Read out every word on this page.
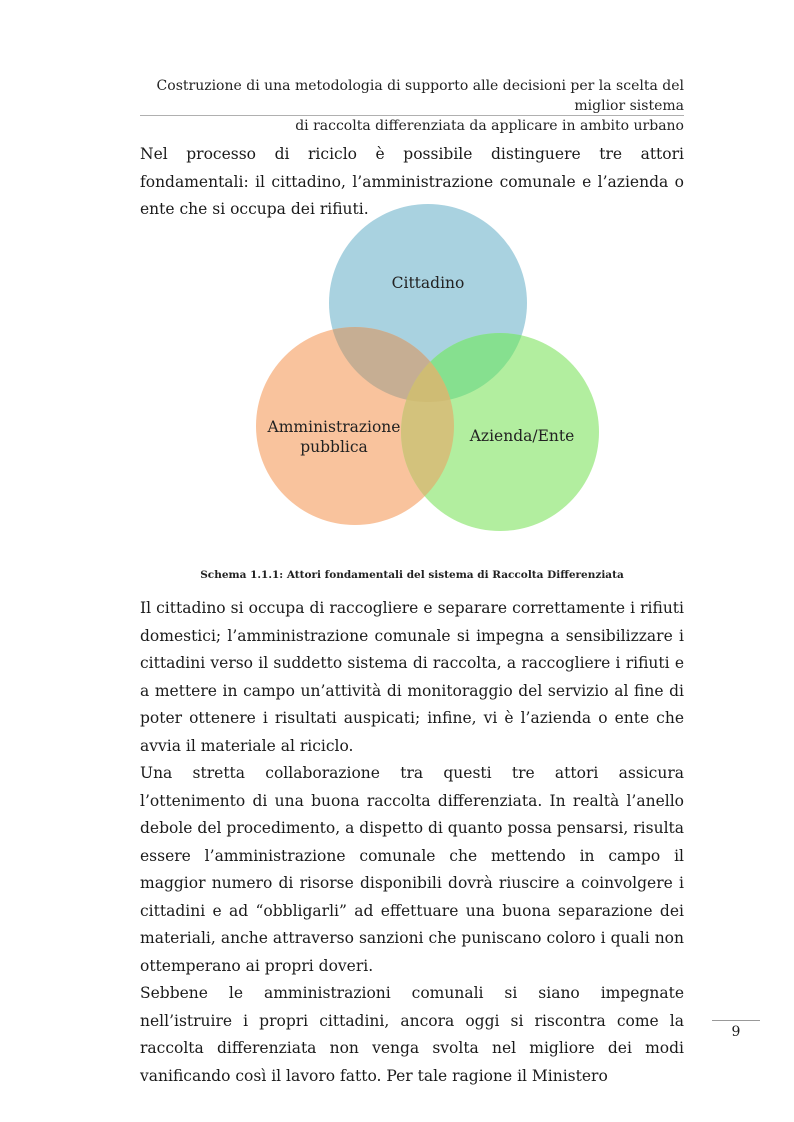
Costruzione di una metodologia di supporto alle decisioni per la scelta del miglior sistema
di raccolta differenziata da applicare in ambito urbano

Nel processo di riciclo è possibile distinguere tre attori fondamentali: il cittadino, l’amministrazione comunale e l’azienda o ente che si occupa dei rifiuti.

Cittadino
Amministrazione
pubblica
Azienda/Ente
Schema 1.1.1: Attori fondamentali del sistema di Raccolta Differenziata

Il cittadino si occupa di raccogliere e separare correttamente i rifiuti domestici; l’amministrazione comunale si impegna a sensibilizzare i cittadini verso il suddetto sistema di raccolta, a raccogliere i rifiuti e a mettere in campo un’attività di monitoraggio del servizio al fine di poter ottenere i risultati auspicati; infine, vi è l’azienda o ente che avvia il materiale al riciclo.

Una stretta collaborazione tra questi tre attori assicura l’ottenimento di una buona raccolta differenziata. In realtà l’anello debole del procedimento, a dispetto di quanto possa pensarsi, risulta essere l’amministrazione comunale che mettendo in campo il maggior numero di risorse disponibili dovrà riuscire a coinvolgere i cittadini e ad “obbligarli” ad effettuare una buona separazione dei materiali, anche attraverso sanzioni che puniscano coloro i quali non ottemperano ai propri doveri.

Sebbene le amministrazioni comunali si siano impegnate nell’istruire i propri cittadini, ancora oggi si riscontra come la raccolta differenziata non venga svolta nel migliore dei modi vanificando così il lavoro fatto. Per tale ragione il Ministero

9
